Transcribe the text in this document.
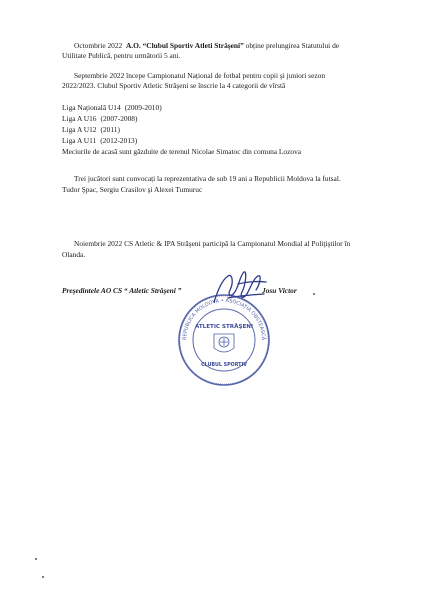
Octombrie 2022 A.O. “Clubul Sportiv Atleti Străşeni” obține prelungirea Statutului de
Utilitate Publică, pentru următorii 5 ani.
Septembrie 2022 începe Campionatul Național de fotbal pentru copii şi juniori sezon
2022/2023. Clubul Sportiv Atletic Străşeni se înscrie la 4 categorii de vîrstă
Liga Națională U14 (2009-2010)
Liga A U16 (2007-2008)
Liga A U12 (2011)
Liga A U11 (2012-2013)
Meciurile de acasă sunt găzduite de terenul Nicolae Simatoc din comuna Lozova
Trei jucători sunt convocați la reprezentativa de sub 19 ani a Republicii Moldova la futsal.
Tudor Şpac, Sergiu Crasilov şi Alexei Tumuruc
Noiembrie 2022 CS Atletic & IPA Străşeni participă la Campionatul Mondial al Poliţiştilor în
Olanda.
Preşedintele AO CS “ Atletic Străşeni ”	Josu Victor
REPUBLICA MOLDOVA • ASOCIAȚIA OBSTEASCĂ
ATLETIC STRĂŞENI
CLUBUL SPORTIV
